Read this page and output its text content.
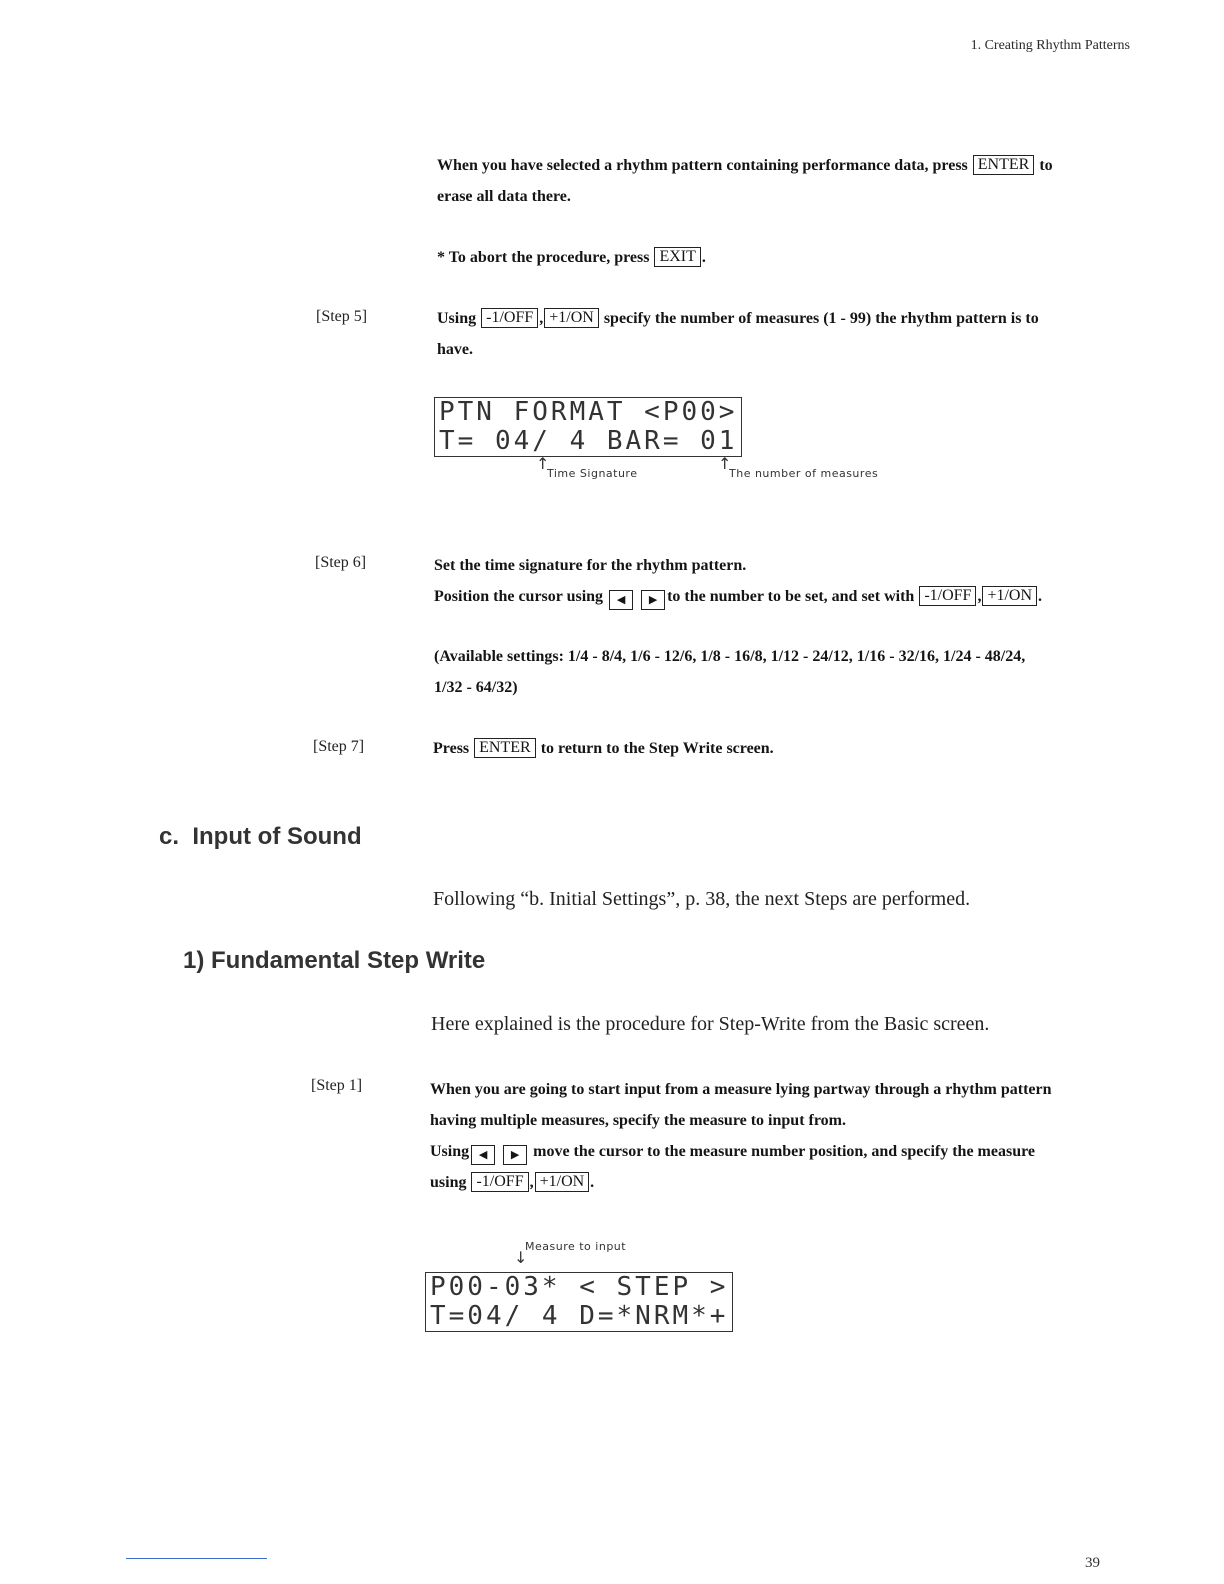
1. Creating Rhythm Patterns
When you have selected a rhythm pattern containing performance data, press ENTER to
erase all data there.
* To abort the procedure, press EXIT .
[Step 5]	Using -1/OFF , +1/ON specify the number of measures (1 - 99) the rhythm pattern is to
have.
PTN FORMAT <P00>
T= 04/ 4 BAR= 01
↑
Time Signature
↑
The number of measures
[Step 6]	Set the time signature for the rhythm pattern.
Position the cursor using ◀ ▶ to the number to be set, and set with -1/OFF , +1/ON .
(Available settings: 1/4 - 8/4, 1/6 - 12/6, 1/8 - 16/8, 1/12 - 24/12, 1/16 - 32/16, 1/24 - 48/24,
1/32 - 64/32)
[Step 7]	Press ENTER to return to the Step Write screen.
c.  Input of Sound
Following “b. Initial Settings”, p. 38, the next Steps are performed.
1) Fundamental Step Write
Here explained is the procedure for Step-Write from the Basic screen.
[Step 1]	When you are going to start input from a measure lying partway through a rhythm pattern
having multiple measures, specify the measure to input from.
Using ◀ ▶ move the cursor to the measure number position, and specify the measure
using -1/OFF , +1/ON .
Measure to input
↓
P00-03* < STEP >
T=04/ 4 D=*NRM*+
39
